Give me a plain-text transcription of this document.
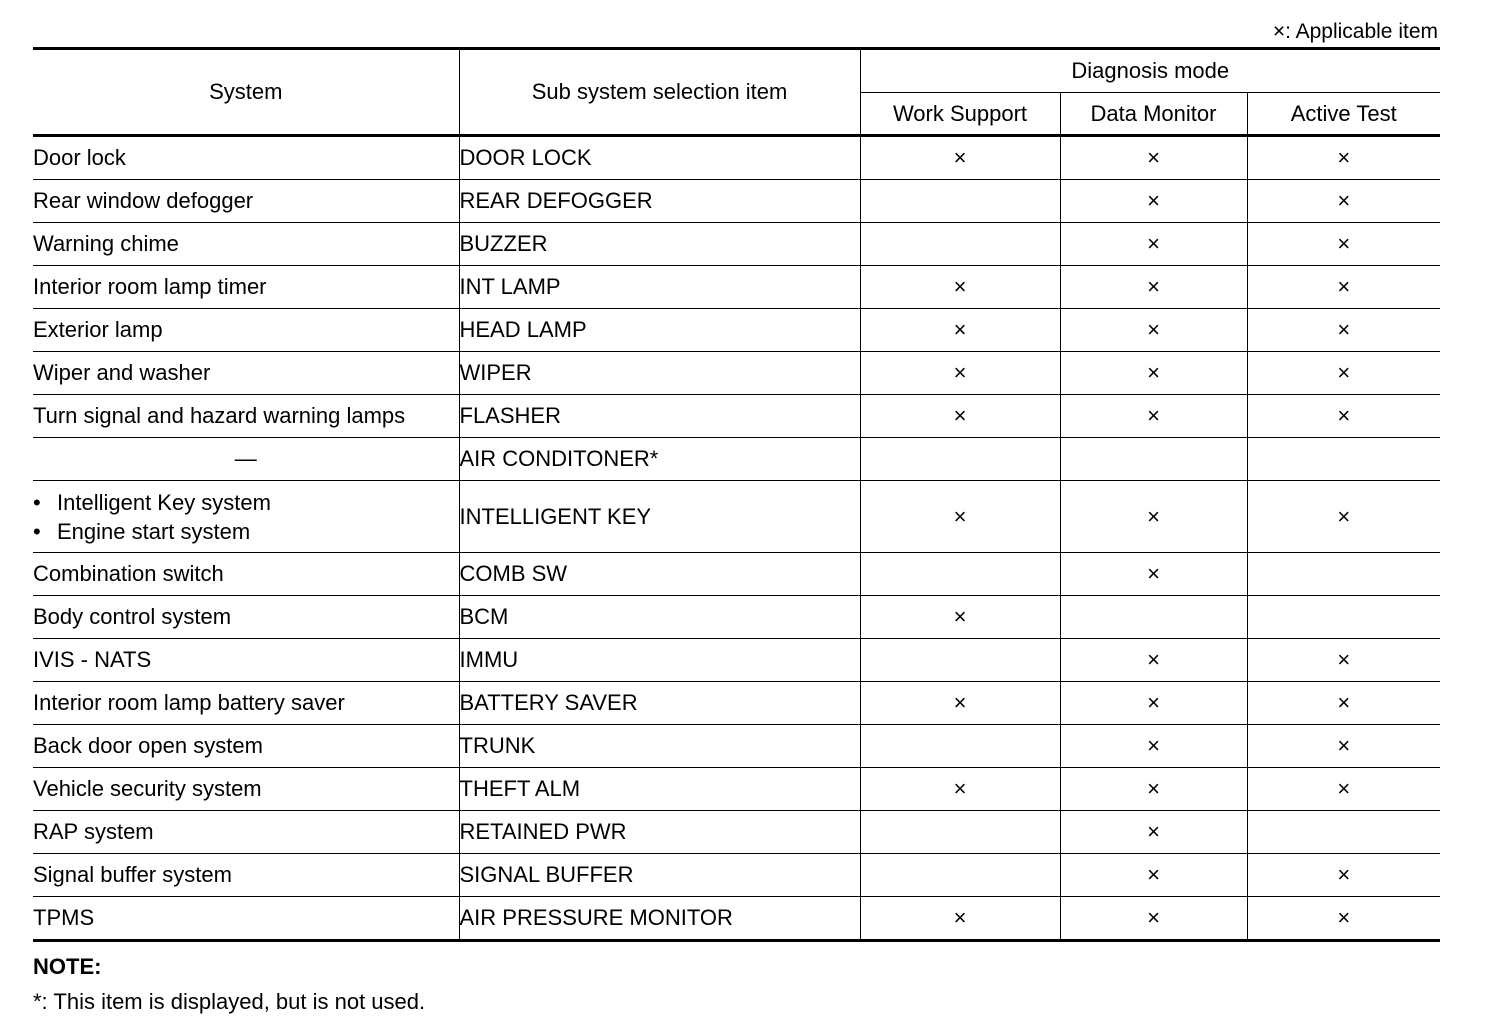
×: Applicable item
System	Sub system selection item	Diagnosis mode		
		Work Support	Data Monitor	Active Test
Door lock	DOOR LOCK	×	×	×
Rear window defogger	REAR DEFOGGER		×	×
Warning chime	BUZZER		×	×
Interior room lamp timer	INT LAMP	×	×	×
Exterior lamp	HEAD LAMP	×	×	×
Wiper and washer	WIPER	×	×	×
Turn signal and hazard warning lamps	FLASHER	×	×	×
—	AIR CONDITONER*			

• Intelligent Key system
• Engine start system	INTELLIGENT KEY	×	×	×
Combination switch	COMB SW		×	
Body control system	BCM	×		
IVIS - NATS	IMMU		×	×
Interior room lamp battery saver	BATTERY SAVER	×	×	×
Back door open system	TRUNK		×	×
Vehicle security system	THEFT ALM	×	×	×
RAP system	RETAINED PWR		×	
Signal buffer system	SIGNAL BUFFER		×	×
TPMS	AIR PRESSURE MONITOR	×	×	×
NOTE:
*: This item is displayed, but is not used.
